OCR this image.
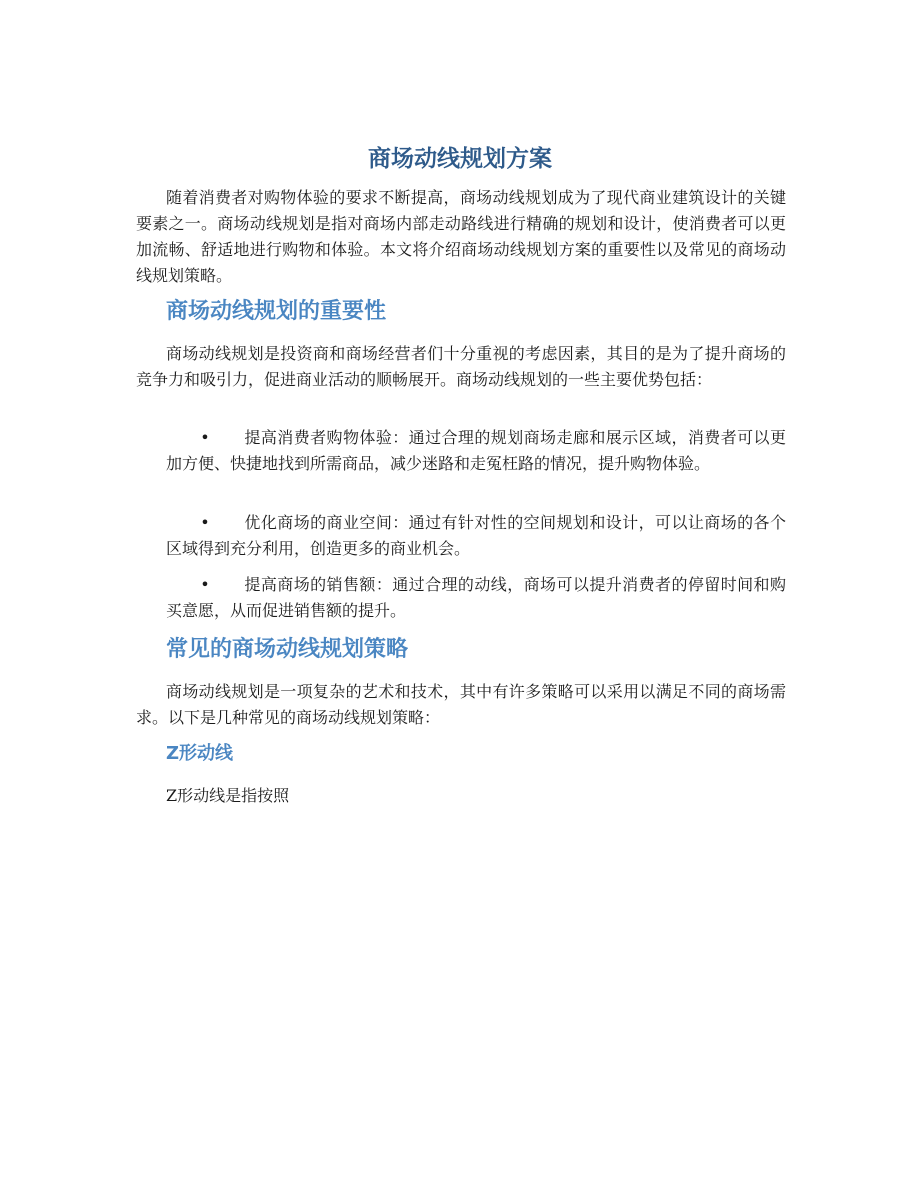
商场动线规划方案

随着消费者对购物体验的要求不断提高，商场动线规划成为了现代商业建筑设计的关键要素之一。商场动线规划是指对商场内部走动路线进行精确的规划和设计，使消费者可以更加流畅、舒适地进行购物和体验。本文将介绍商场动线规划方案的重要性以及常见的商场动线规划策略。

商场动线规划的重要性

商场动线规划是投资商和商场经营者们十分重视的考虑因素，其目的是为了提升商场的竞争力和吸引力，促进商业活动的顺畅展开。商场动线规划的一些主要优势包括：

• 提高消费者购物体验：通过合理的规划商场走廊和展示区域，消费者可以更加方便、快捷地找到所需商品，减少迷路和走冤枉路的情况，提升购物体验。

• 优化商场的商业空间：通过有针对性的空间规划和设计，可以让商场的各个区域得到充分利用，创造更多的商业机会。

• 提高商场的销售额：通过合理的动线，商场可以提升消费者的停留时间和购买意愿，从而促进销售额的提升。

常见的商场动线规划策略

商场动线规划是一项复杂的艺术和技术，其中有许多策略可以采用以满足不同的商场需求。以下是几种常见的商场动线规划策略：

Z形动线

Z形动线是指按照
